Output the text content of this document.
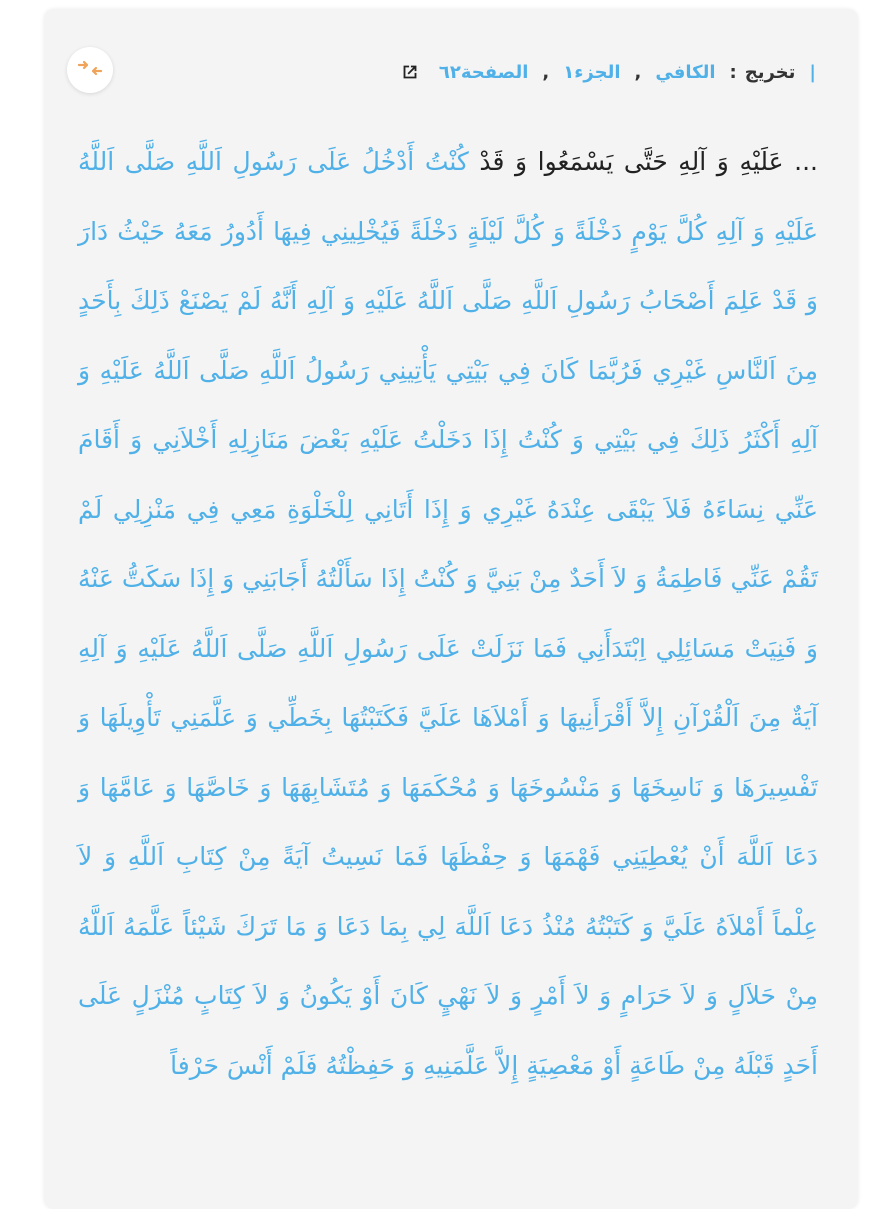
|
تخريج
:
الكافي
,
الجزء١
,
الصفحة٦٢
... عَلَيْهِ وَ آلِهِ حَتَّى يَسْمَعُوا وَ قَدْ كُنْتُ أَدْخُلُ عَلَى رَسُولِ اَللَّهِ صَلَّى اَللَّهُ عَلَيْهِ وَ آلِهِ كُلَّ يَوْمٍ دَخْلَةً وَ كُلَّ لَيْلَةٍ دَخْلَةً فَيُخْلِينِي فِيهَا أَدُورُ مَعَهُ حَيْثُ دَارَ وَ قَدْ عَلِمَ أَصْحَابُ رَسُولِ اَللَّهِ صَلَّى اَللَّهُ عَلَيْهِ وَ آلِهِ أَنَّهُ لَمْ يَصْنَعْ ذَلِكَ بِأَحَدٍ مِنَ اَلنَّاسِ غَيْرِي فَرُبَّمَا كَانَ فِي بَيْتِي يَأْتِينِي رَسُولُ اَللَّهِ صَلَّى اَللَّهُ عَلَيْهِ وَ آلِهِ أَكْثَرُ ذَلِكَ فِي بَيْتِي وَ كُنْتُ إِذَا دَخَلْتُ عَلَيْهِ بَعْضَ مَنَازِلِهِ أَخْلاَنِي وَ أَقَامَ عَنِّي نِسَاءَهُ فَلاَ يَبْقَى عِنْدَهُ غَيْرِي وَ إِذَا أَتَانِي لِلْخَلْوَةِ مَعِي فِي مَنْزِلِي لَمْ تَقُمْ عَنِّي فَاطِمَةُ وَ لاَ أَحَدٌ مِنْ بَنِيَّ وَ كُنْتُ إِذَا سَأَلْتُهُ أَجَابَنِي وَ إِذَا سَكَتُّ عَنْهُ وَ فَنِيَتْ مَسَائِلِي اِبْتَدَأَنِي فَمَا نَزَلَتْ عَلَى رَسُولِ اَللَّهِ صَلَّى اَللَّهُ عَلَيْهِ وَ آلِهِ آيَةٌ مِنَ اَلْقُرْآنِ إِلاَّ أَقْرَأَنِيهَا وَ أَمْلاَهَا عَلَيَّ فَكَتَبْتُهَا بِخَطِّي وَ عَلَّمَنِي تَأْوِيلَهَا وَ تَفْسِيرَهَا وَ نَاسِخَهَا وَ مَنْسُوخَهَا وَ مُحْكَمَهَا وَ مُتَشَابِهَهَا وَ خَاصَّهَا وَ عَامَّهَا وَ دَعَا اَللَّهَ أَنْ يُعْطِيَنِي فَهْمَهَا وَ حِفْظَهَا فَمَا نَسِيتُ آيَةً مِنْ كِتَابِ اَللَّهِ وَ لاَ عِلْماً أَمْلاَهُ عَلَيَّ وَ كَتَبْتُهُ مُنْذُ دَعَا اَللَّهَ لِي بِمَا دَعَا وَ مَا تَرَكَ شَيْئاً عَلَّمَهُ اَللَّهُ مِنْ حَلاَلٍ وَ لاَ حَرَامٍ وَ لاَ أَمْرٍ وَ لاَ نَهْيٍ كَانَ أَوْ يَكُونُ وَ لاَ كِتَابٍ مُنْزَلٍ عَلَى أَحَدٍ قَبْلَهُ مِنْ طَاعَةٍ أَوْ مَعْصِيَةٍ إِلاَّ عَلَّمَنِيهِ وَ حَفِظْتُهُ فَلَمْ أَنْسَ حَرْفاً
